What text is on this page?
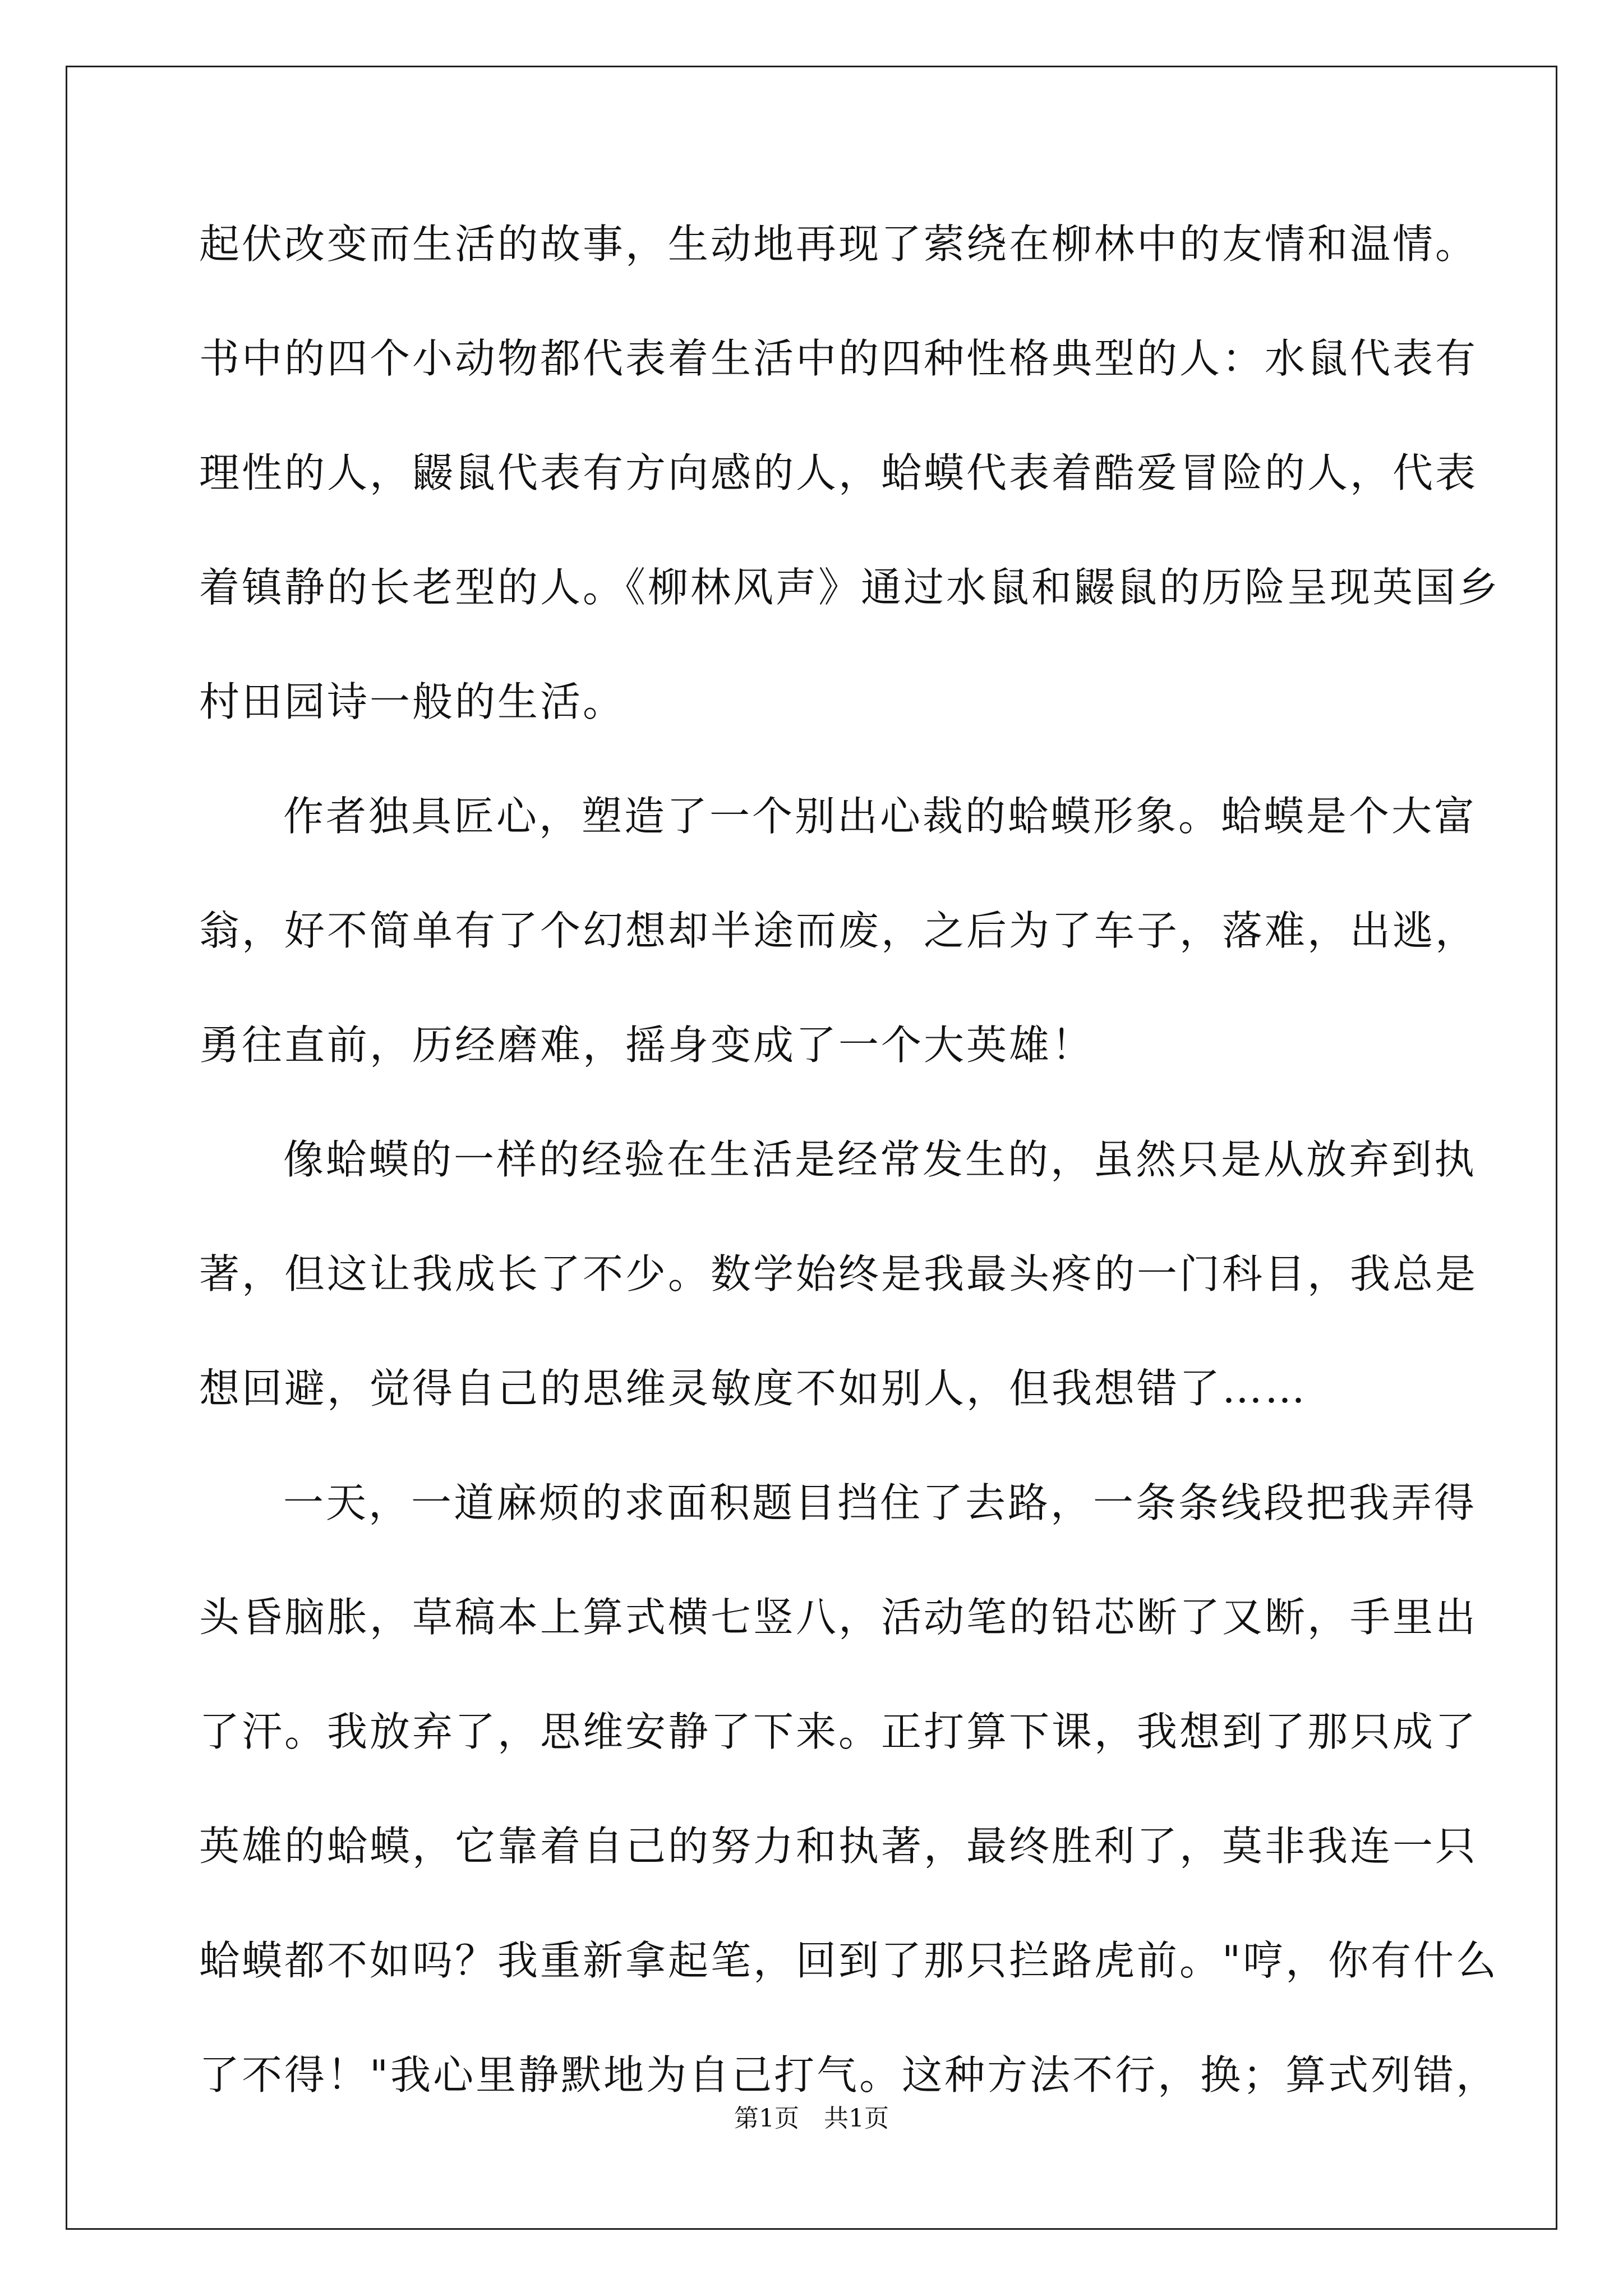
起伏改变而生活的故事，生动地再现了萦绕在柳林中的友情和温情。
书中的四个小动物都代表着生活中的四种性格典型的人：水鼠代表有
理性的人，鼹鼠代表有方向感的人，蛤蟆代表着酷爱冒险的人，代表
着镇静的长老型的人。《柳林风声》通过水鼠和鼹鼠的历险呈现英国乡
村田园诗一般的生活。
作者独具匠心，塑造了一个别出心裁的蛤蟆形象。蛤蟆是个大富
翁，好不简单有了个幻想却半途而废，之后为了车子，落难，出逃，
勇往直前，历经磨难，摇身变成了一个大英雄！
像蛤蟆的一样的经验在生活是经常发生的，虽然只是从放弃到执
著，但这让我成长了不少。数学始终是我最头疼的一门科目，我总是
想回避，觉得自己的思维灵敏度不如别人，但我想错了……
一天，一道麻烦的求面积题目挡住了去路，一条条线段把我弄得
头昏脑胀，草稿本上算式横七竖八，活动笔的铅芯断了又断，手里出
了汗。我放弃了，思维安静了下来。正打算下课，我想到了那只成了
英雄的蛤蟆，它靠着自己的努力和执著，最终胜利了，莫非我连一只
蛤蟆都不如吗？我重新拿起笔，回到了那只拦路虎前。"哼，你有什么
了不得！"我心里静默地为自己打气。这种方法不行，换；算式列错，
第1页　共1页
